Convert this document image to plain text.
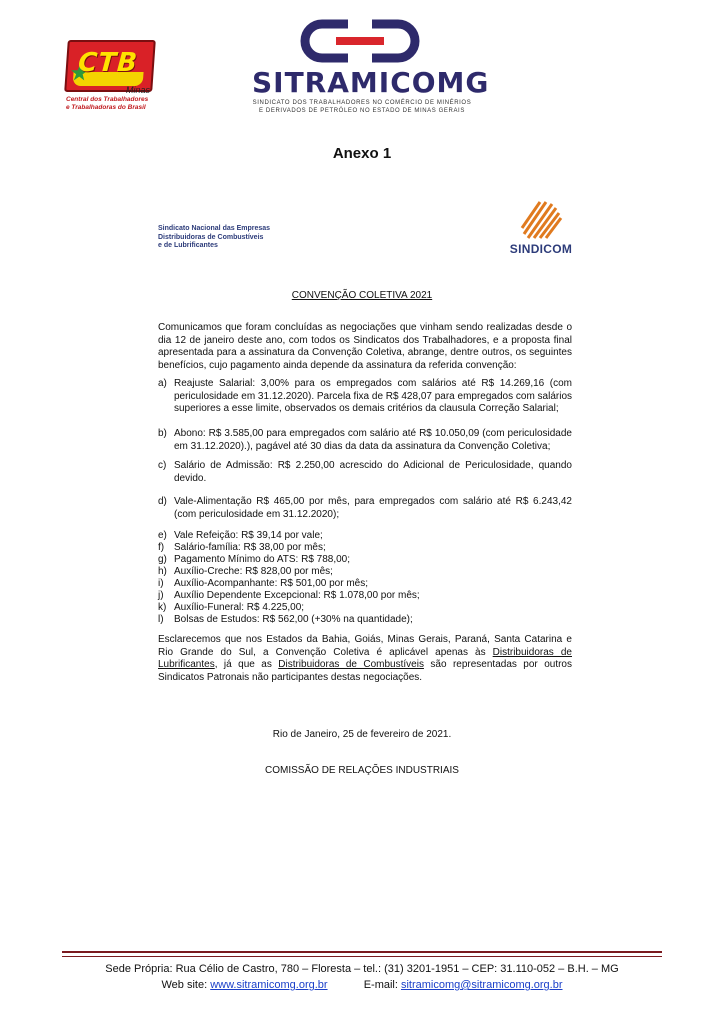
CTB
Minas
Central dos Trabalhadores
e Trabalhadoras do Brasil
SITRAMICOMG
SINDICATO DOS TRABALHADORES NO COMÉRCIO DE MINÉRIOS
E DERIVADOS DE PETRÓLEO NO ESTADO DE MINAS GERAIS
Anexo 1
Sindicato Nacional das Empresas
Distribuidoras de Combustíveis
e de Lubrificantes	SINDICOM
CONVENÇÃO COLETIVA 2021

Comunicamos que foram concluídas as negociações que vinham sendo realizadas desde o dia 12 de janeiro deste ano, com todos os Sindicatos dos Trabalhadores, e a proposta final apresentada para a assinatura da Convenção Coletiva, abrange, dentre outros, os seguintes benefícios, cujo pagamento ainda depende da assinatura da referida convenção:

a) Reajuste Salarial: 3,00% para os empregados com salários até R$ 14.269,16 (com periculosidade em 31.12.2020). Parcela fixa de R$ 428,07 para empregados com salários superiores a esse limite, observados os demais critérios da clausula Correção Salarial;
b) Abono: R$ 3.585,00 para empregados com salário até R$ 10.050,09 (com periculosidade em 31.12.2020).), pagável até 30 dias da data da assinatura da Convenção Coletiva;
c) Salário de Admissão: R$ 2.250,00 acrescido do Adicional de Periculosidade, quando devido.
d) Vale-Alimentação R$ 465,00 por mês, para empregados com salário até R$ 6.243,42 (com periculosidade em 31.12.2020);
e) Vale Refeição: R$ 39,14 por vale;
f) Salário-família: R$ 38,00 por mês;
g) Pagamento Mínimo do ATS: R$ 788,00;
h) Auxílio-Creche: R$ 828,00 por mês;
i) Auxílio-Acompanhante: R$ 501,00 por mês;
j) Auxílio Dependente Excepcional: R$ 1.078,00 por mês;
k) Auxílio-Funeral: R$ 4.225,00;
l) Bolsas de Estudos: R$ 562,00 (+30% na quantidade);

Esclarecemos que nos Estados da Bahia, Goiás, Minas Gerais, Paraná, Santa Catarina e Rio Grande do Sul, a Convenção Coletiva é aplicável apenas às Distribuidoras de Lubrificantes, já que as Distribuidoras de Combustíveis são representadas por outros Sindicatos Patronais não participantes destas negociações.

Rio de Janeiro, 25 de fevereiro de 2021.
COMISSÃO DE RELAÇÕES INDUSTRIAIS
Sede Própria: Rua Célio de Castro, 780 – Floresta – tel.: (31) 3201-1951 – CEP: 31.110-052 – B.H. – MG
Web site: www.sitramicomg.org.br	E-mail: sitramicomg@sitramicomg.org.br
